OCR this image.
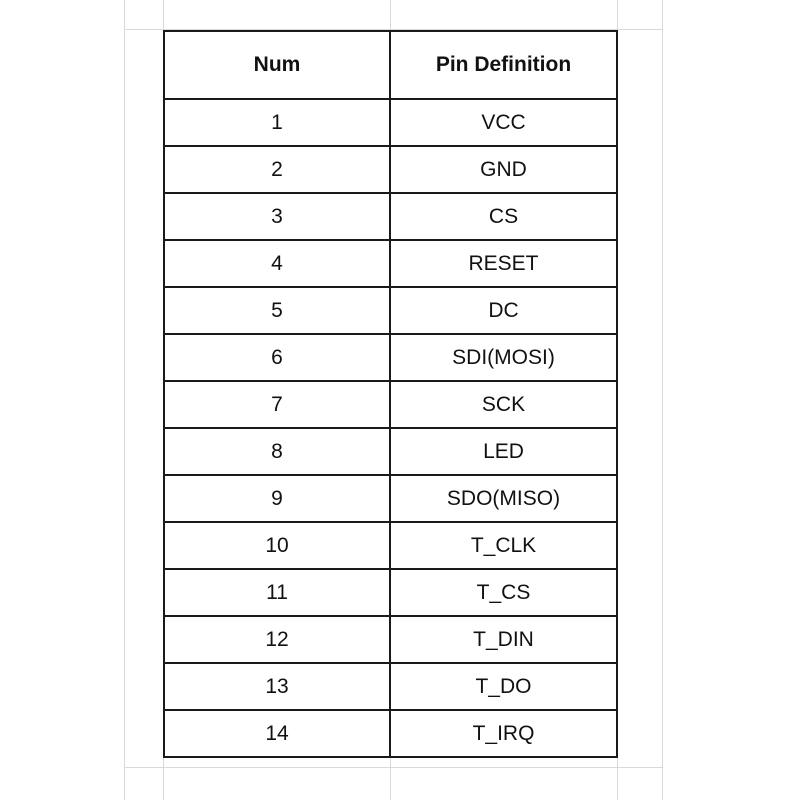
Num	Pin Definition
1	VCC
2	GND
3	CS
4	RESET
5	DC
6	SDI(MOSI)
7	SCK
8	LED
9	SDO(MISO)
10	T_CLK
11	T_CS
12	T_DIN
13	T_DO
14	T_IRQ
